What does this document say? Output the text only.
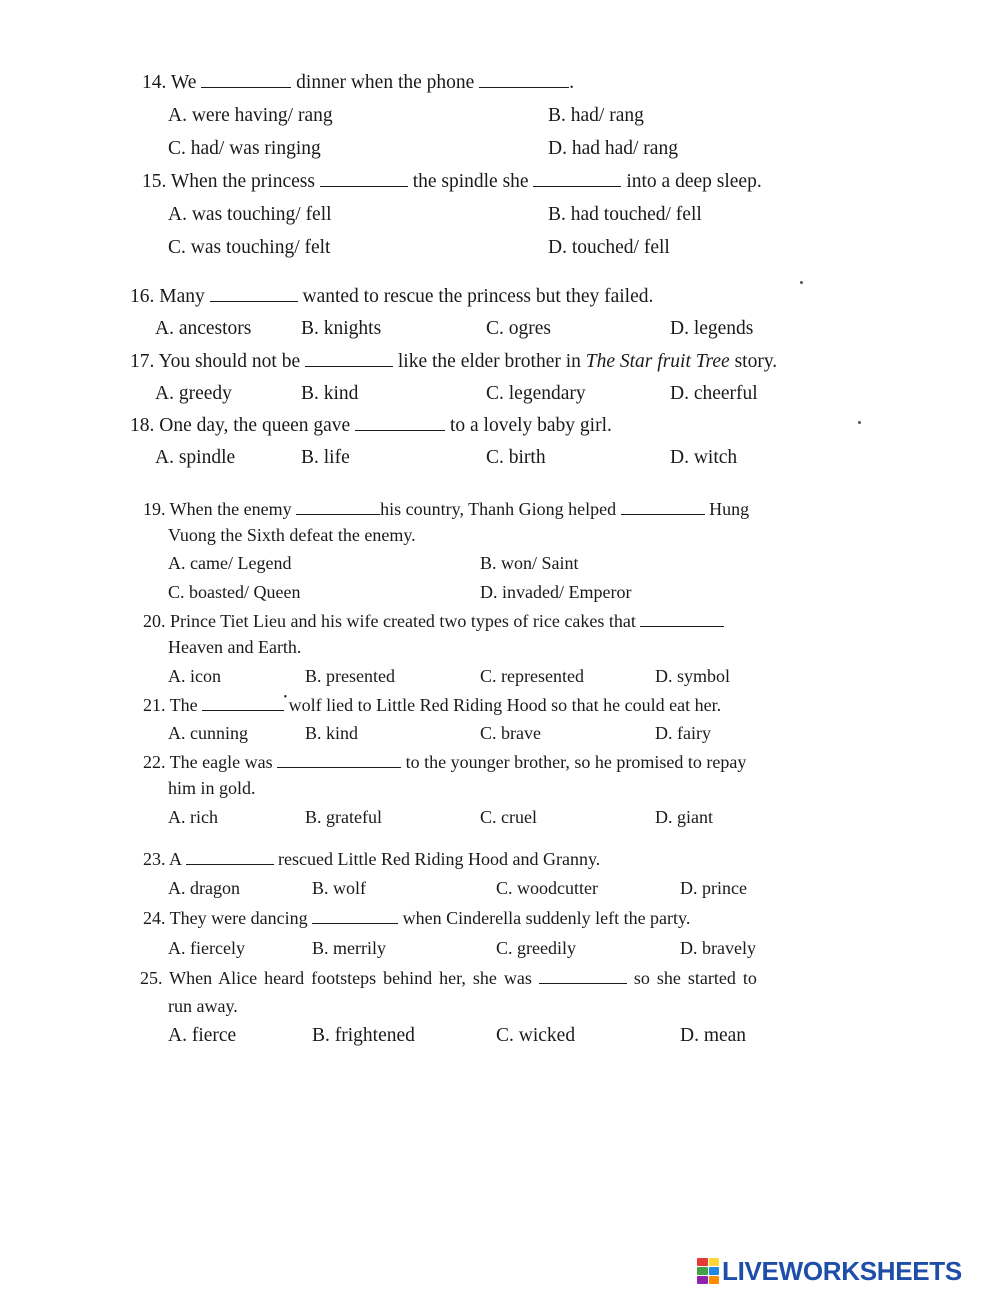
14. We	dinner when the phone	.
A. were having/ rang	B. had/ rang
C. had/ was ringing	D. had had/ rang
15. When the princess	the spindle she	into a deep sleep.
A. was touching/ fell	B. had touched/ fell
C. was touching/ felt	D. touched/ fell
16. Many	wanted to rescue the princess but they failed.
A. ancestors	B. knights	C. ogres	D. legends
17. You should not be	like the elder brother in The Star fruit Tree story.
A. greedy	B. kind	C. legendary	D. cheerful
18. One day, the queen gave	to a lovely baby girl.
A. spindle	B. life	C. birth	D. witch
19. When the enemy	his country, Thanh Giong helped	Hung
Vuong the Sixth defeat the enemy.
A. came/ Legend	B. won/ Saint
C. boasted/ Queen	D. invaded/ Emperor
20. Prince Tiet Lieu and his wife created two types of rice cakes that
Heaven and Earth.
A. icon	B. presented	C. represented	D. symbol
21. The •	wolf lied to Little Red Riding Hood so that he could eat her.
A. cunning	B. kind	C. brave	D. fairy
22. The eagle was	to the younger brother, so he promised to repay
him in gold.
A. rich	B. grateful	C. cruel	D. giant
23. A	rescued Little Red Riding Hood and Granny.
A. dragon	B. wolf	C. woodcutter	D. prince
24. They were dancing	when Cinderella suddenly left the party.
A. fiercely	B. merrily	C. greedily	D. bravely
25. When Alice heard footsteps behind her, she was	so she started to
run away.
A. fierce	B. frightened	C. wicked	D. mean
LIVEWORKSHEETS
